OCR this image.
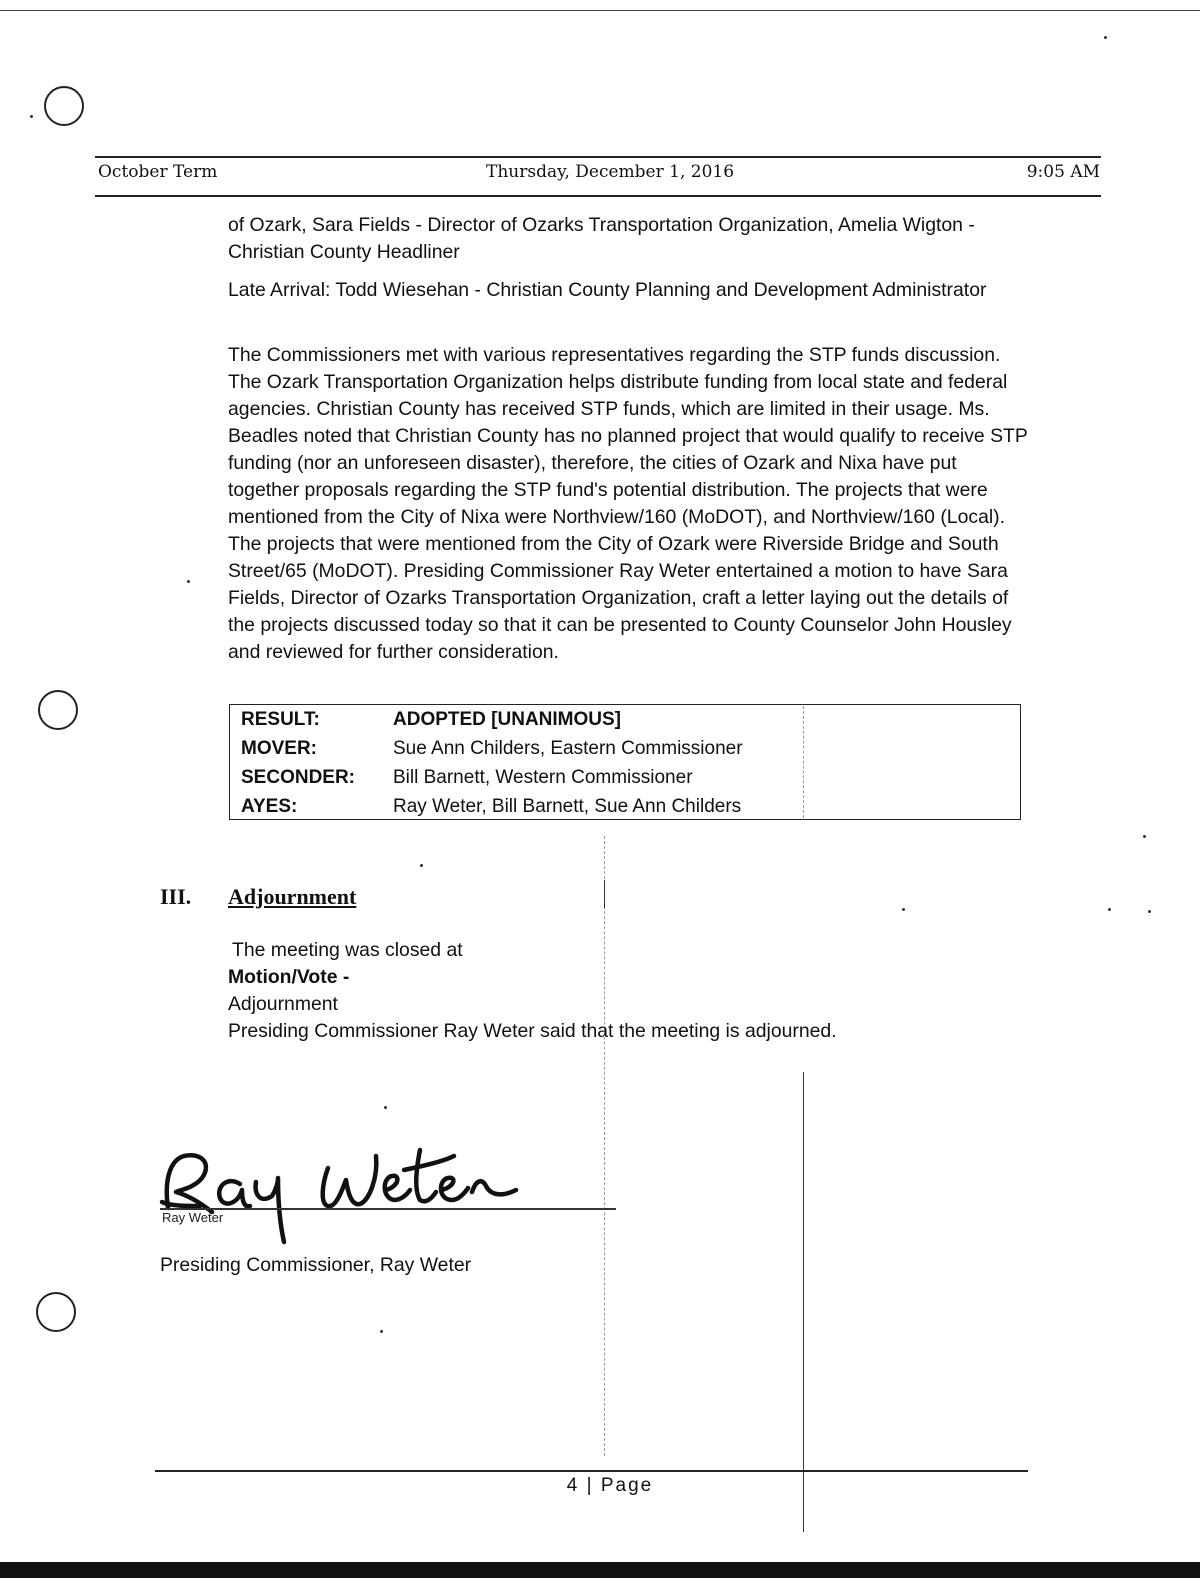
October Term	Thursday, December 1, 2016	9:05 AM

of Ozark, Sara Fields - Director of Ozarks Transportation Organization, Amelia Wigton - Christian County Headliner

Late Arrival: Todd Wiesehan - Christian County Planning and Development Administrator

The Commissioners met with various representatives regarding the STP funds discussion. The Ozark Transportation Organization helps distribute funding from local state and federal agencies. Christian County has received STP funds, which are limited in their usage. Ms. Beadles noted that Christian County has no planned project that would qualify to receive STP funding (nor an unforeseen disaster), therefore, the cities of Ozark and Nixa have put together proposals regarding the STP fund's potential distribution. The projects that were mentioned from the City of Nixa were Northview/160 (MoDOT), and Northview/160 (Local). The projects that were mentioned from the City of Ozark were Riverside Bridge and South Street/65 (MoDOT). Presiding Commissioner Ray Weter entertained a motion to have Sara Fields, Director of Ozarks Transportation Organization, craft a letter laying out the details of the projects discussed today so that it can be presented to County Counselor John Housley and reviewed for further consideration.

RESULT:	ADOPTED [UNANIMOUS]
MOVER:	Sue Ann Childers, Eastern Commissioner
SECONDER: Bill Barnett, Western Commissioner
AYES:	Ray Weter, Bill Barnett, Sue Ann Childers
III. Adjournment
The meeting was closed at
Motion/Vote -
Adjournment
Presiding Commissioner Ray Weter said that the meeting is adjourned.
Ray Weter
Presiding Commissioner, Ray Weter
4 | Page
